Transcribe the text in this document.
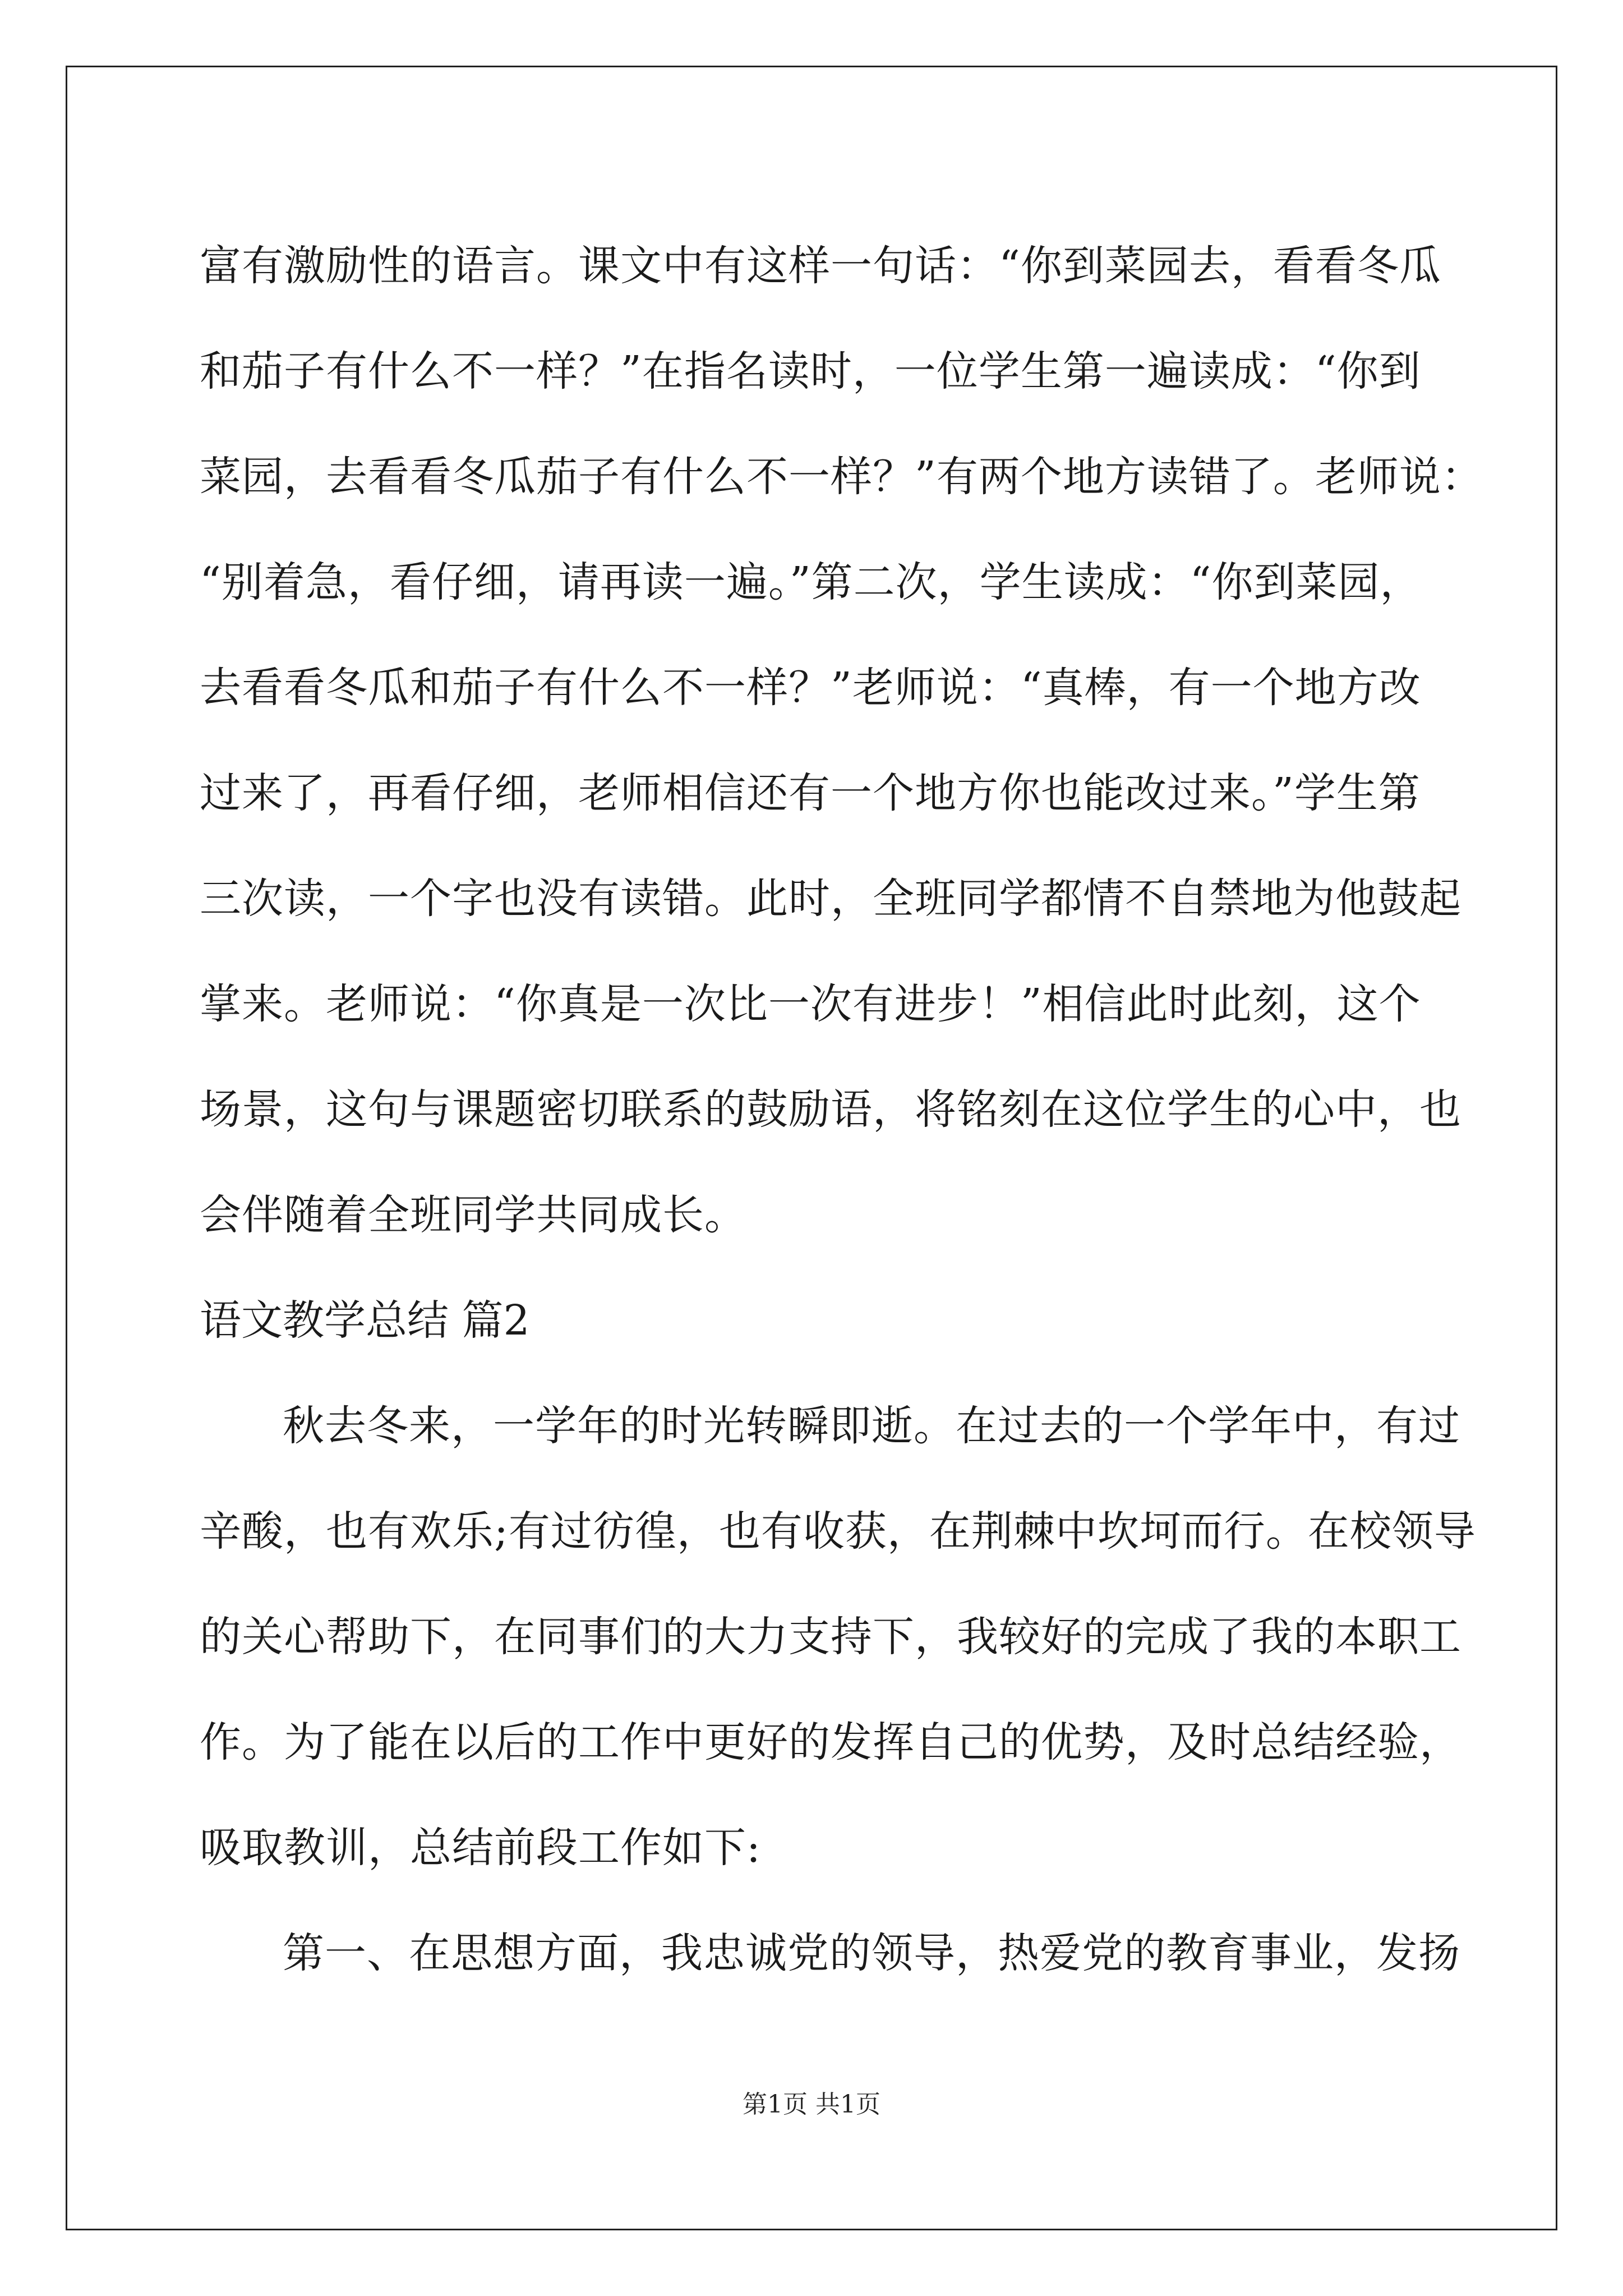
富有激励性的语言。课文中有这样一句话：“你到菜园去，看看冬瓜
和茄子有什么不一样？”在指名读时，一位学生第一遍读成：“你到
菜园，去看看冬瓜茄子有什么不一样？”有两个地方读错了。老师说：
“别着急，看仔细，请再读一遍。”第二次，学生读成：“你到菜园，
去看看冬瓜和茄子有什么不一样？”老师说：“真棒，有一个地方改
过来了，再看仔细，老师相信还有一个地方你也能改过来。”学生第
三次读，一个字也没有读错。此时，全班同学都情不自禁地为他鼓起
掌来。老师说：“你真是一次比一次有进步！”相信此时此刻，这个
场景，这句与课题密切联系的鼓励语，将铭刻在这位学生的心中，也
会伴随着全班同学共同成长。
语文教学总结 篇2
秋去冬来，一学年的时光转瞬即逝。在过去的一个学年中，有过
辛酸，也有欢乐;有过彷徨，也有收获，在荆棘中坎坷而行。在校领导
的关心帮助下，在同事们的大力支持下，我较好的完成了我的本职工
作。为了能在以后的工作中更好的发挥自己的优势，及时总结经验，
吸取教训，总结前段工作如下:
第一、在思想方面，我忠诚党的领导，热爱党的教育事业，发扬
第1页 共1页
